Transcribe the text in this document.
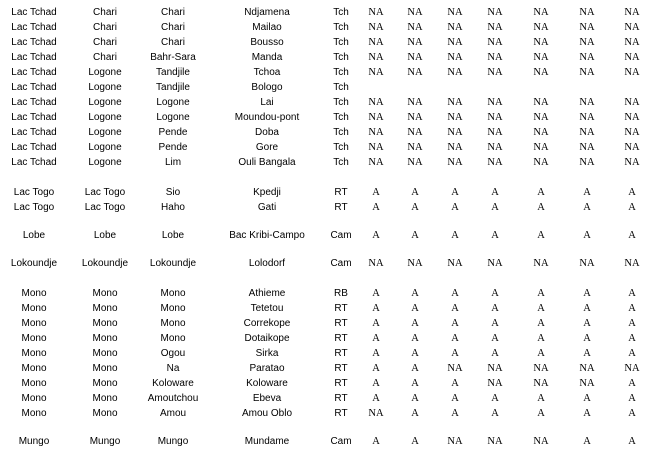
Lac Tchad	Chari	Chari	Ndjamena	Tch	NA	NA	NA	NA	NA	NA	NA
Lac Tchad	Chari	Chari	Mailao	Tch	NA	NA	NA	NA	NA	NA	NA
Lac Tchad	Chari	Chari	Bousso	Tch	NA	NA	NA	NA	NA	NA	NA
Lac Tchad	Chari	Bahr-Sara	Manda	Tch	NA	NA	NA	NA	NA	NA	NA
Lac Tchad	Logone	Tandjile	Tchoa	Tch	NA	NA	NA	NA	NA	NA	NA
Lac Tchad	Logone	Tandjile	Bologo	Tch
Lac Tchad	Logone	Logone	Lai	Tch	NA	NA	NA	NA	NA	NA	NA
Lac Tchad	Logone	Logone	Moundou-pont	Tch	NA	NA	NA	NA	NA	NA	NA
Lac Tchad	Logone	Pende	Doba	Tch	NA	NA	NA	NA	NA	NA	NA
Lac Tchad	Logone	Pende	Gore	Tch	NA	NA	NA	NA	NA	NA	NA
Lac Tchad	Logone	Lim	Ouli Bangala	Tch	NA	NA	NA	NA	NA	NA	NA
Lac Togo	Lac Togo	Sio	Kpedji	RT	A	A	A	A	A	A	A
Lac Togo	Lac Togo	Haho	Gati	RT	A	A	A	A	A	A	A
Lobe	Lobe	Lobe	Bac Kribi-Campo	Cam	A	A	A	A	A	A	A
Lokoundje	Lokoundje	Lokoundje	Lolodorf	Cam	NA	NA	NA	NA	NA	NA	NA
Mono	Mono	Mono	Athieme	RB	A	A	A	A	A	A	A
Mono	Mono	Mono	Tetetou	RT	A	A	A	A	A	A	A
Mono	Mono	Mono	Correkope	RT	A	A	A	A	A	A	A
Mono	Mono	Mono	Dotaikope	RT	A	A	A	A	A	A	A
Mono	Mono	Ogou	Sirka	RT	A	A	A	A	A	A	A
Mono	Mono	Na	Paratao	RT	A	A	NA	NA	NA	NA	NA
Mono	Mono	Koloware	Koloware	RT	A	A	A	NA	NA	NA	A
Mono	Mono	Amoutchou	Ebeva	RT	A	A	A	A	A	A	A
Mono	Mono	Amou	Amou Oblo	RT	NA	A	A	A	A	A	A
Mungo	Mungo	Mungo	Mundame	Cam	A	A	NA	NA	NA	A	A
